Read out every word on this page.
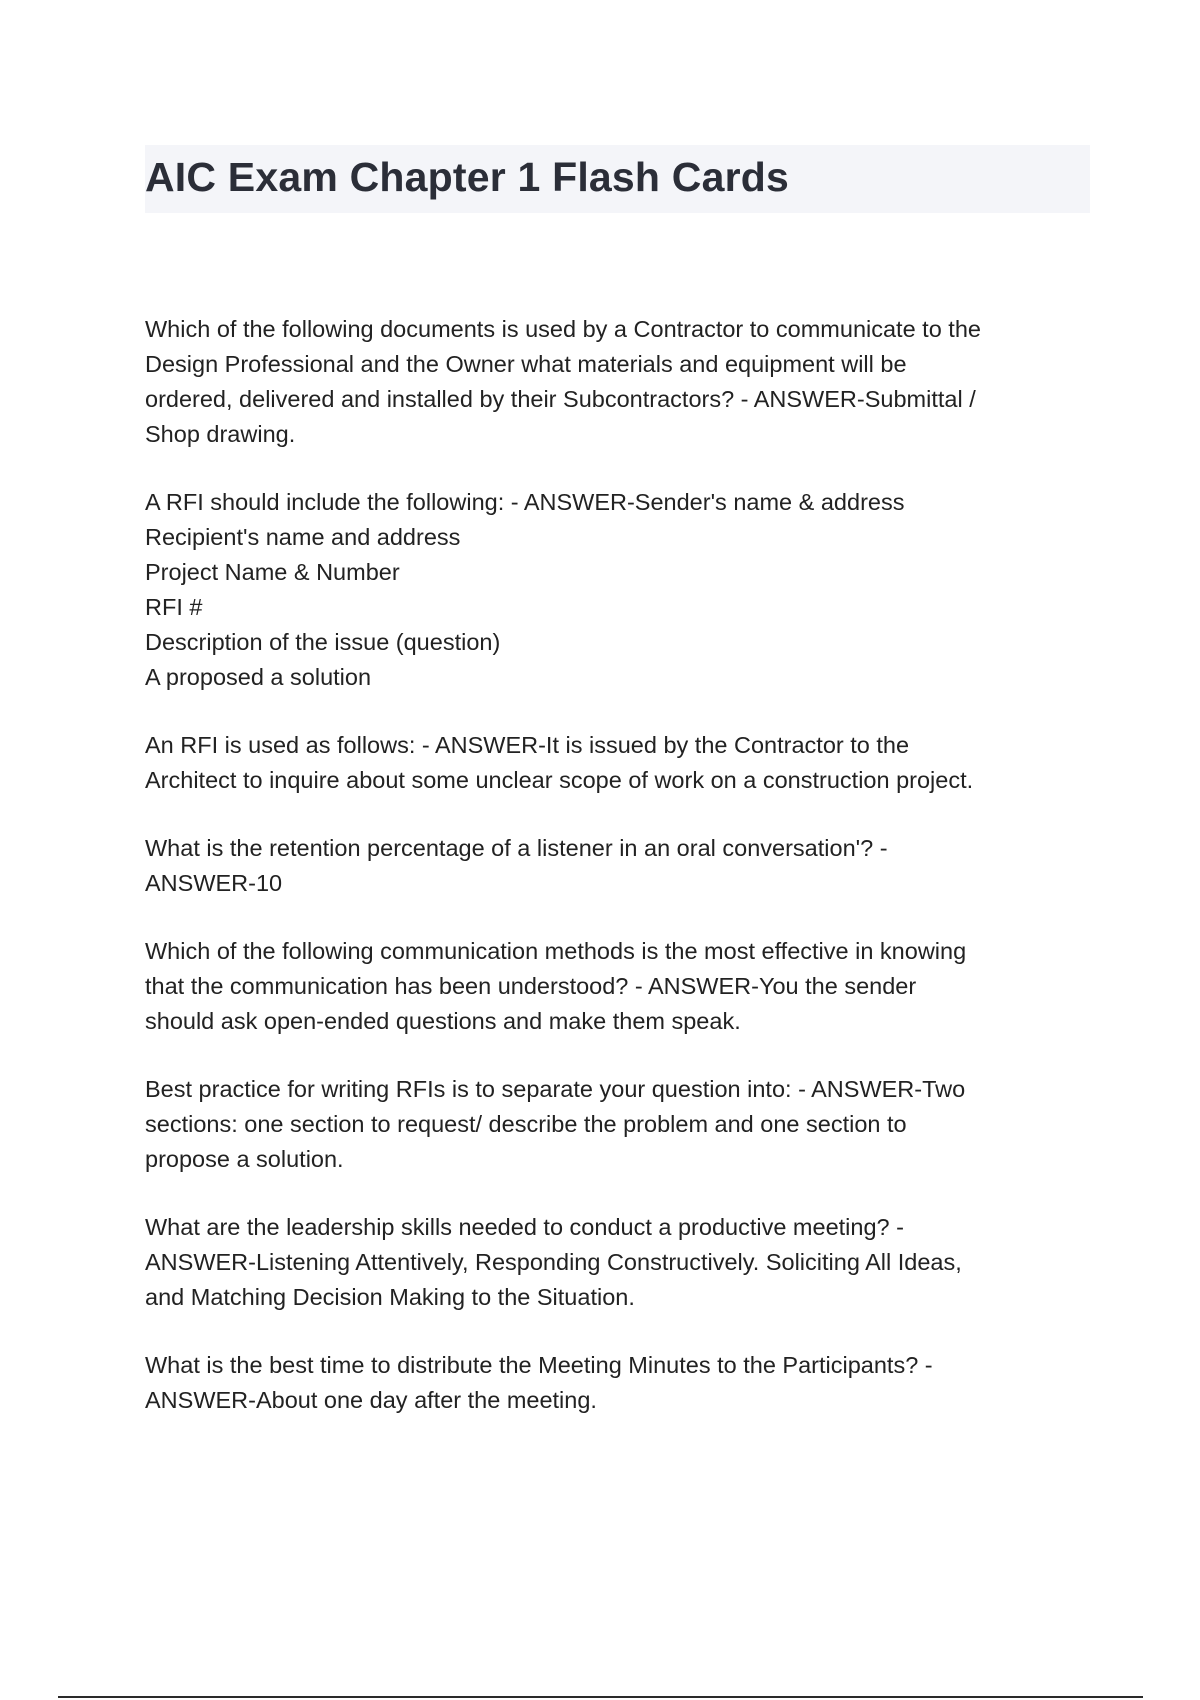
AIC Exam Chapter 1 Flash Cards
Which of the following documents is used by a Contractor to communicate to the
Design Professional and the Owner what materials and equipment will be
ordered, delivered and installed by their Subcontractors? - ANSWER-Submittal /
Shop drawing.
A RFI should include the following: - ANSWER-Sender's name & address
Recipient's name and address
Project Name & Number
RFI #
Description of the issue (question)
A proposed a solution
An RFI is used as follows: - ANSWER-It is issued by the Contractor to the
Architect to inquire about some unclear scope of work on a construction project.
What is the retention percentage of a listener in an oral conversation'? -
ANSWER-10
Which of the following communication methods is the most effective in knowing
that the communication has been understood? - ANSWER-You the sender
should ask open-ended questions and make them speak.
Best practice for writing RFIs is to separate your question into: - ANSWER-Two
sections: one section to request/ describe the problem and one section to
propose a solution.
What are the leadership skills needed to conduct a productive meeting? -
ANSWER-Listening Attentively, Responding Constructively. Soliciting All Ideas,
and Matching Decision Making to the Situation.
What is the best time to distribute the Meeting Minutes to the Participants? -
ANSWER-About one day after the meeting.
